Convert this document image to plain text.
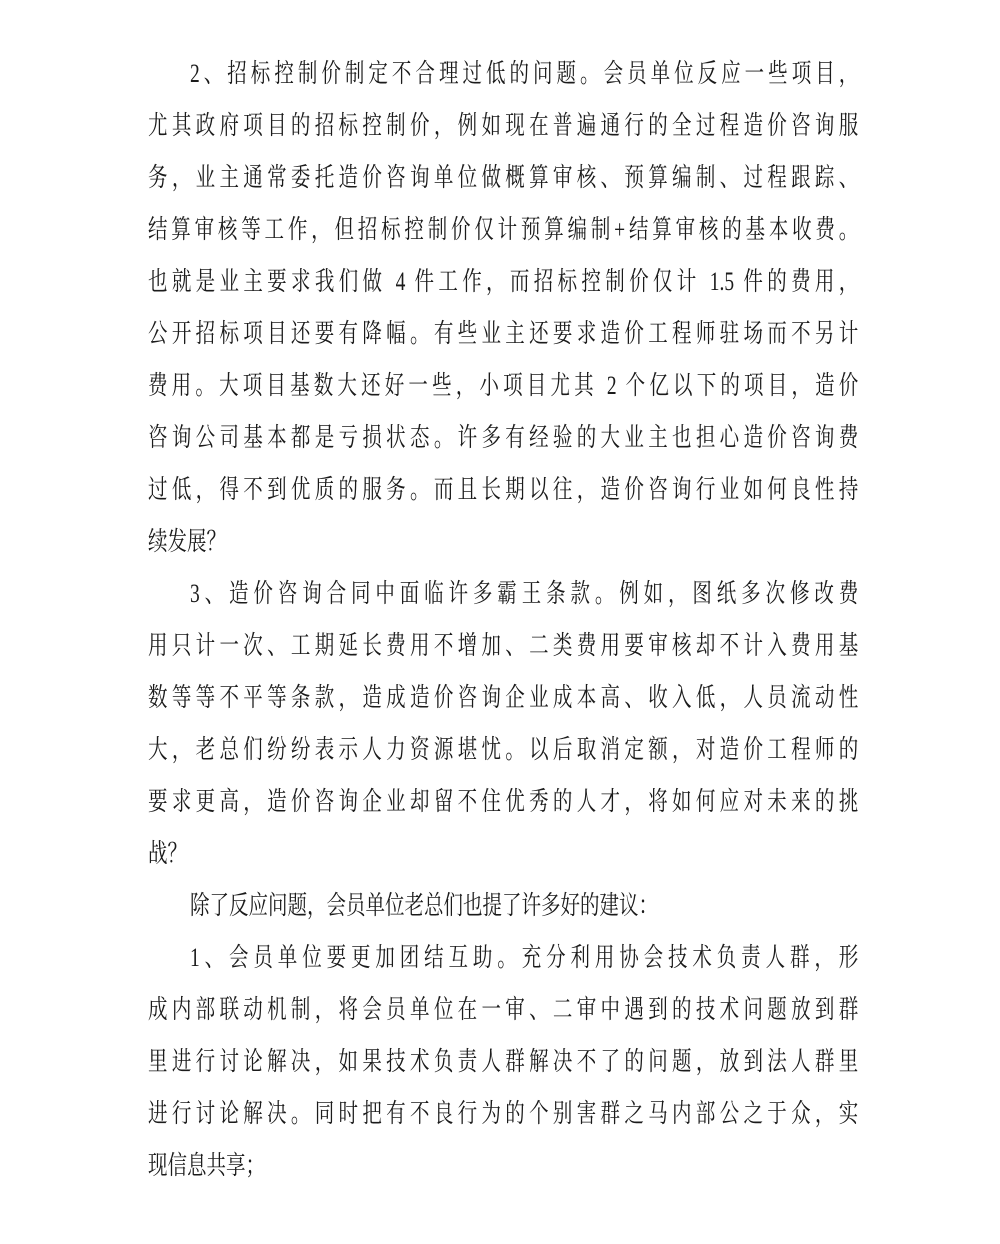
2、招标控制价制定不合理过低的问题。会员单位反应一些项目，
尤其政府项目的招标控制价，例如现在普遍通行的全过程造价咨询服
务，业主通常委托造价咨询单位做概算审核、预算编制、过程跟踪、
结算审核等工作，但招标控制价仅计预算编制+结算审核的基本收费。
也就是业主要求我们做 4 件工作，而招标控制价仅计 1.5 件的费用，
公开招标项目还要有降幅。有些业主还要求造价工程师驻场而不另计
费用。大项目基数大还好一些，小项目尤其 2 个亿以下的项目，造价
咨询公司基本都是亏损状态。许多有经验的大业主也担心造价咨询费
过低，得不到优质的服务。而且长期以往，造价咨询行业如何良性持
续发展？
3、造价咨询合同中面临许多霸王条款。例如，图纸多次修改费
用只计一次、工期延长费用不增加、二类费用要审核却不计入费用基
数等等不平等条款，造成造价咨询企业成本高、收入低，人员流动性
大，老总们纷纷表示人力资源堪忧。以后取消定额，对造价工程师的
要求更高，造价咨询企业却留不住优秀的人才，将如何应对未来的挑
战？
除了反应问题，会员单位老总们也提了许多好的建议：
1、会员单位要更加团结互助。充分利用协会技术负责人群，形
成内部联动机制，将会员单位在一审、二审中遇到的技术问题放到群
里进行讨论解决，如果技术负责人群解决不了的问题，放到法人群里
进行讨论解决。同时把有不良行为的个别害群之马内部公之于众，实
现信息共享；
